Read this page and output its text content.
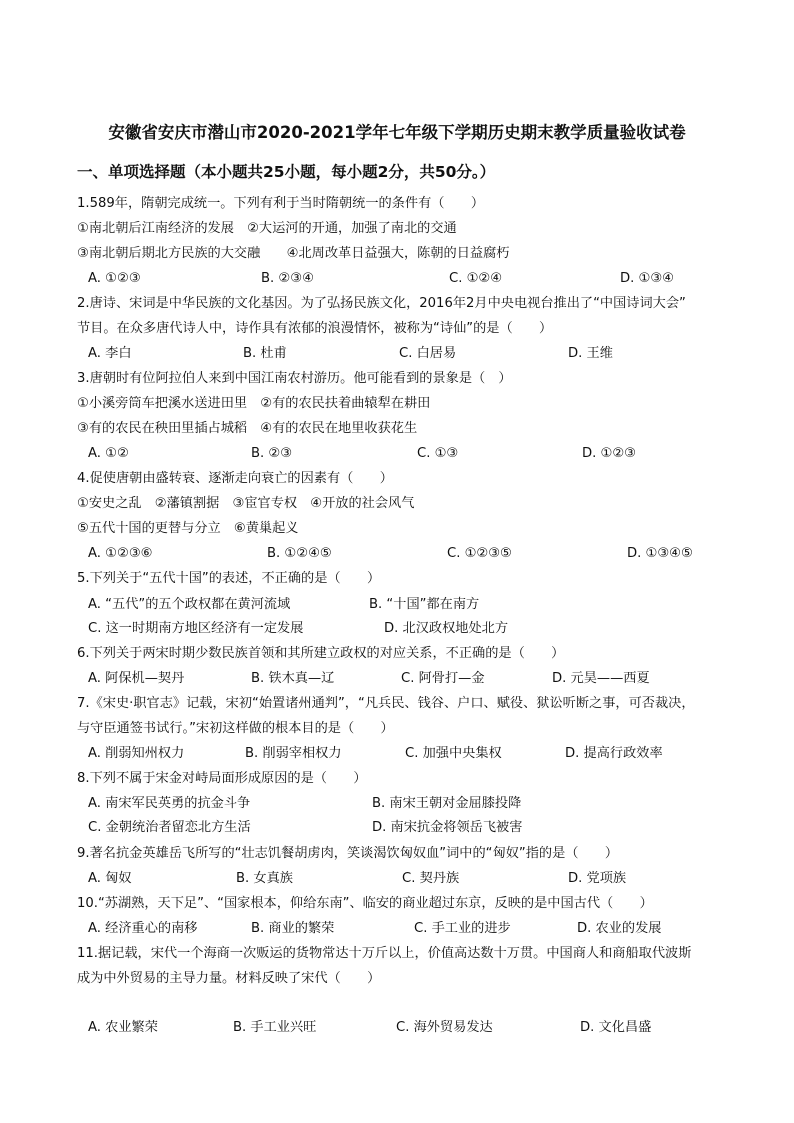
安徽省安庆市潜山市2020-2021学年七年级下学期历史期末教学质量验收试卷
一、单项选择题（本小题共25小题，每小题2分，共50分。）
1.589年，隋朝完成统一。下列有利于当时隋朝统一的条件有（　　）
①南北朝后江南经济的发展　②大运河的开通，加强了南北的交通
③南北朝后期北方民族的大交融　　④北周改革日益强大，陈朝的日益腐朽
A. ①②③	B. ②③④	C. ①②④	D. ①③④
2.唐诗、宋词是中华民族的文化基因。为了弘扬民族文化，2016年2月中央电视台推出了“中国诗词大会”
节目。在众多唐代诗人中，诗作具有浓郁的浪漫情怀，被称为“诗仙”的是（　　）
A. 李白	B. 杜甫	C. 白居易	D. 王维
3.唐朝时有位阿拉伯人来到中国江南农村游历。他可能看到的景象是（　）
①小溪旁筒车把溪水送进田里　②有的农民扶着曲辕犁在耕田
③有的农民在秧田里插占城稻　④有的农民在地里收获花生
A. ①②	B. ②③	C. ①③	D. ①②③
4.促使唐朝由盛转衰、逐渐走向衰亡的因素有（　　）
①安史之乱　②藩镇割据　③宦官专权　④开放的社会风气
⑤五代十国的更替与分立　⑥黄巢起义
A. ①②③⑥	B. ①②④⑤	C. ①②③⑤	D. ①③④⑤
5.下列关于“五代十国”的表述，不正确的是（　　）
A. “五代”的五个政权都在黄河流域	B. “十国”都在南方
C. 这一时期南方地区经济有一定发展	D. 北汉政权地处北方
6.下列关于两宋时期少数民族首领和其所建立政权的对应关系，不正确的是（　　）
A. 阿保机—契丹	B. 铁木真—辽	C. 阿骨打—金	D. 元昊——西夏
7.《宋史·职官志》记载，宋初“始置诸州通判”，“凡兵民、钱谷、户口、赋役、狱讼听断之事，可否裁决，
与守臣通签书试行。”宋初这样做的根本目的是（　　）
A. 削弱知州权力	B. 削弱宰相权力	C. 加强中央集权	D. 提高行政效率
8.下列不属于宋金对峙局面形成原因的是（　　）
A. 南宋军民英勇的抗金斗争	B. 南宋王朝对金屈膝投降
C. 金朝统治者留恋北方生活	D. 南宋抗金将领岳飞被害
9.著名抗金英雄岳飞所写的“壮志饥餐胡虏肉，笑谈渴饮匈奴血”词中的“匈奴”指的是（　　）
A. 匈奴	B. 女真族	C. 契丹族	D. 党项族
10.“苏湖熟，天下足”、“国家根本，仰给东南”、临安的商业超过东京，反映的是中国古代（　　）
A. 经济重心的南移	B. 商业的繁荣	C. 手工业的进步	D. 农业的发展
11.据记载，宋代一个海商一次贩运的货物常达十万斤以上，价值高达数十万贯。中国商人和商船取代波斯
成为中外贸易的主导力量。材料反映了宋代（　　）
A. 农业繁荣	B. 手工业兴旺	C. 海外贸易发达	D. 文化昌盛
